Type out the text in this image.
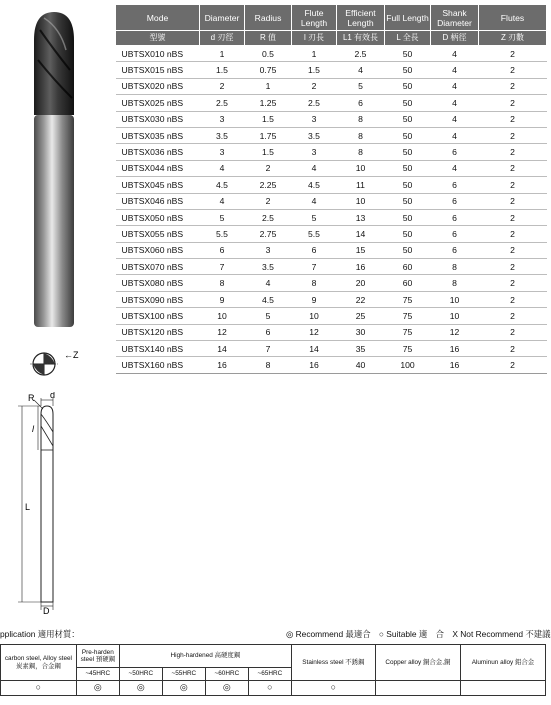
Mode	Diameter	Radius	Flute Length	Efficient Length	Full Length	Shank Diameter	Flutes
型號	d 刃徑	R 值	l 刃長	L1 有效長	L 全長	D 柄徑	Z 刃數
UBTSX010 nBS	1	0.5	1	2.5	50	4	2
UBTSX015 nBS	1.5	0.75	1.5	4	50	4	2
UBTSX020 nBS	2	1	2	5	50	4	2
UBTSX025 nBS	2.5	1.25	2.5	6	50	4	2
UBTSX030 nBS	3	1.5	3	8	50	4	2
UBTSX035 nBS	3.5	1.75	3.5	8	50	4	2
UBTSX036 nBS	3	1.5	3	8	50	6	2
UBTSX044 nBS	4	2	4	10	50	4	2
UBTSX045 nBS	4.5	2.25	4.5	11	50	6	2
UBTSX046 nBS	4	2	4	10	50	6	2
UBTSX050 nBS	5	2.5	5	13	50	6	2
UBTSX055 nBS	5.5	2.75	5.5	14	50	6	2
UBTSX060 nBS	6	3	6	15	50	6	2
UBTSX070 nBS	7	3.5	7	16	60	8	2
UBTSX080 nBS	8	4	8	20	60	8	2
UBTSX090 nBS	9	4.5	9	22	75	10	2
UBTSX100 nBS	10	5	10	25	75	10	2
UBTSX120 nBS	12	6	12	30	75	12	2
UBTSX140 nBS	14	7	14	35	75	16	2
UBTSX160 nBS	16	8	16	40	100	16	2
←Z
d
R
l
L
D
pplication 適用材質：	◎ Recommend 最適合 ○ Suitable 適　合 X Not Recommend 不建議
carbon steel, Alloy steel 炭素鋼，合金鋼	Pre-harden steel 預硬鋼	High-hardened 高硬度鋼				Stainless steel 不銹鋼	Copper alloy 銅合金,銅	Aluminun alloy 鋁合金
	~45HRC	~50HRC	~55HRC	~60HRC	~65HRC			
○	◎	◎	◎	◎	○	○		
